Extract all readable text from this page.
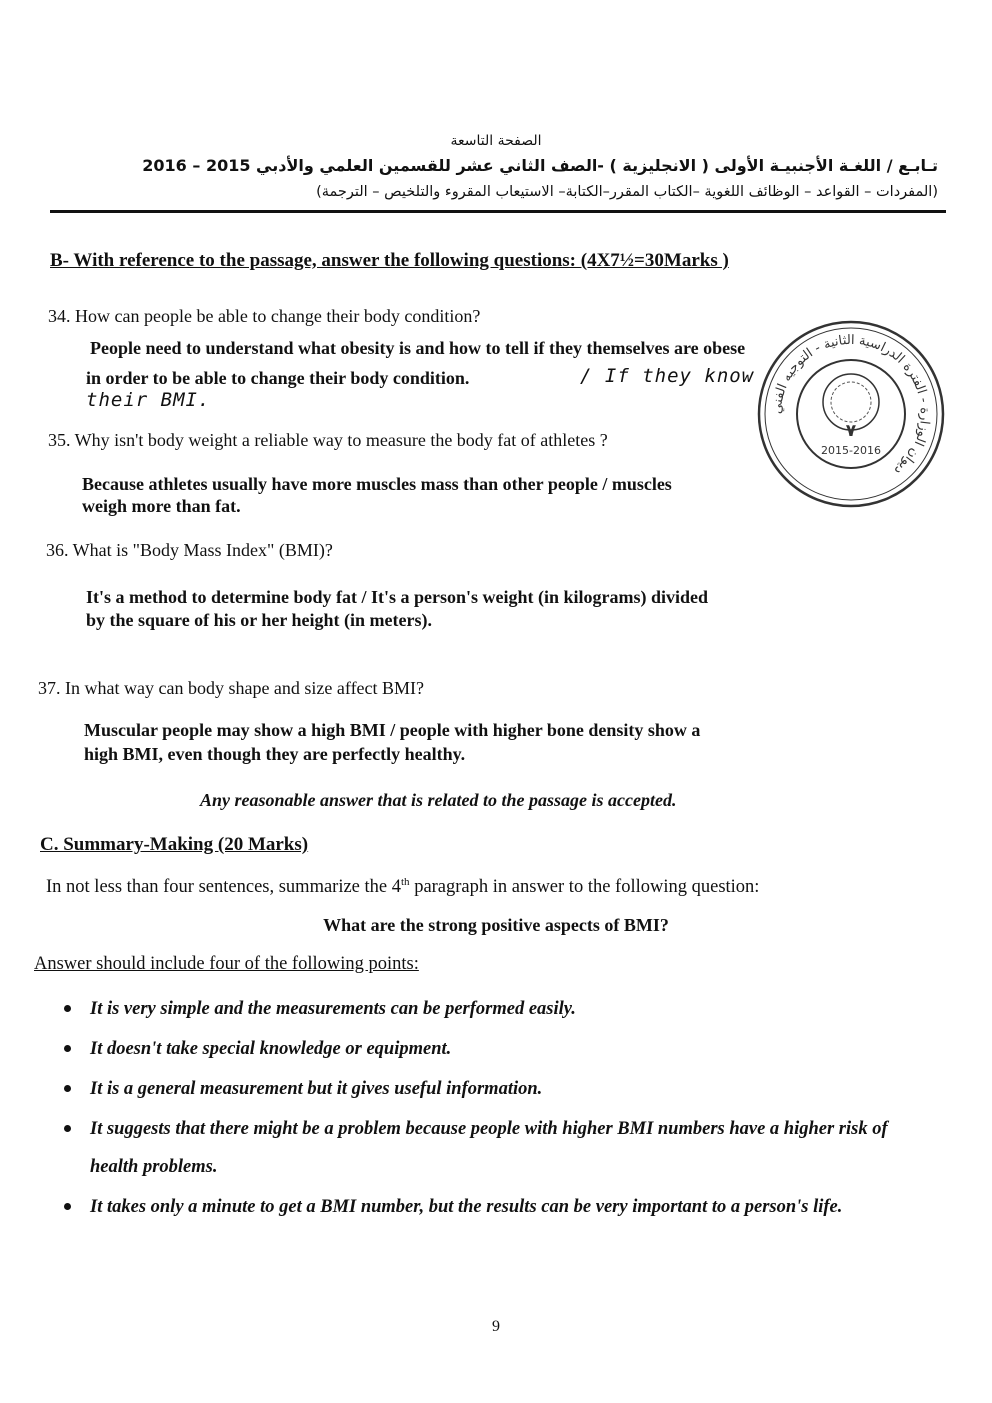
الصفحة التاسعة
تـابـع / اللغـة الأجنبيـة الأولى ( الانجليزية ) -الصف الثاني عشر للقسمين العلمي والأدبي 2015 – 2016
(المفردات – القواعد – الوظائف اللغوية –الكتاب المقرر–الكتابة– الاستيعاب المقروء والتلخيص – الترجمة)
B- With reference to the passage, answer the following questions: (4X7½=30Marks )
34. How can people be able to change their body condition?
People need to understand what obesity is and how to tell if they themselves are obese
in order to be able to change their body condition.	/ If they know
their BMI.
35. Why isn't body weight a reliable way to measure the body fat of athletes ?
Because athletes usually have more muscles mass than other people / muscles
weigh more than fat.
36. What is "Body Mass Index" (BMI)?
It's a method to determine body fat / It's a person's weight (in kilograms) divided
by the square of his or her height (in meters).
37. In what way can body shape and size affect BMI?
Muscular people may show a high BMI / people with higher bone density show a
high BMI, even though they are perfectly healthy.
Any reasonable answer that is related to the passage is accepted.
C. Summary-Making (20 Marks)
In not less than four sentences, summarize the 4th paragraph in answer to the following question:
What are the strong positive aspects of BMI?
Answer should include four of the following points:
It is very simple and the measurements can be performed easily.
It doesn't take special knowledge or equipment.
It is a general measurement but it gives useful information.
It suggests that there might be a problem because people with higher BMI numbers have a higher risk of health problems.
It takes only a minute to get a BMI number, but the results can be very important to a person's life.
ديوان الوزارة - الفترة الدراسية الثانية - التوجيه الفني
٧
2015-2016
9
